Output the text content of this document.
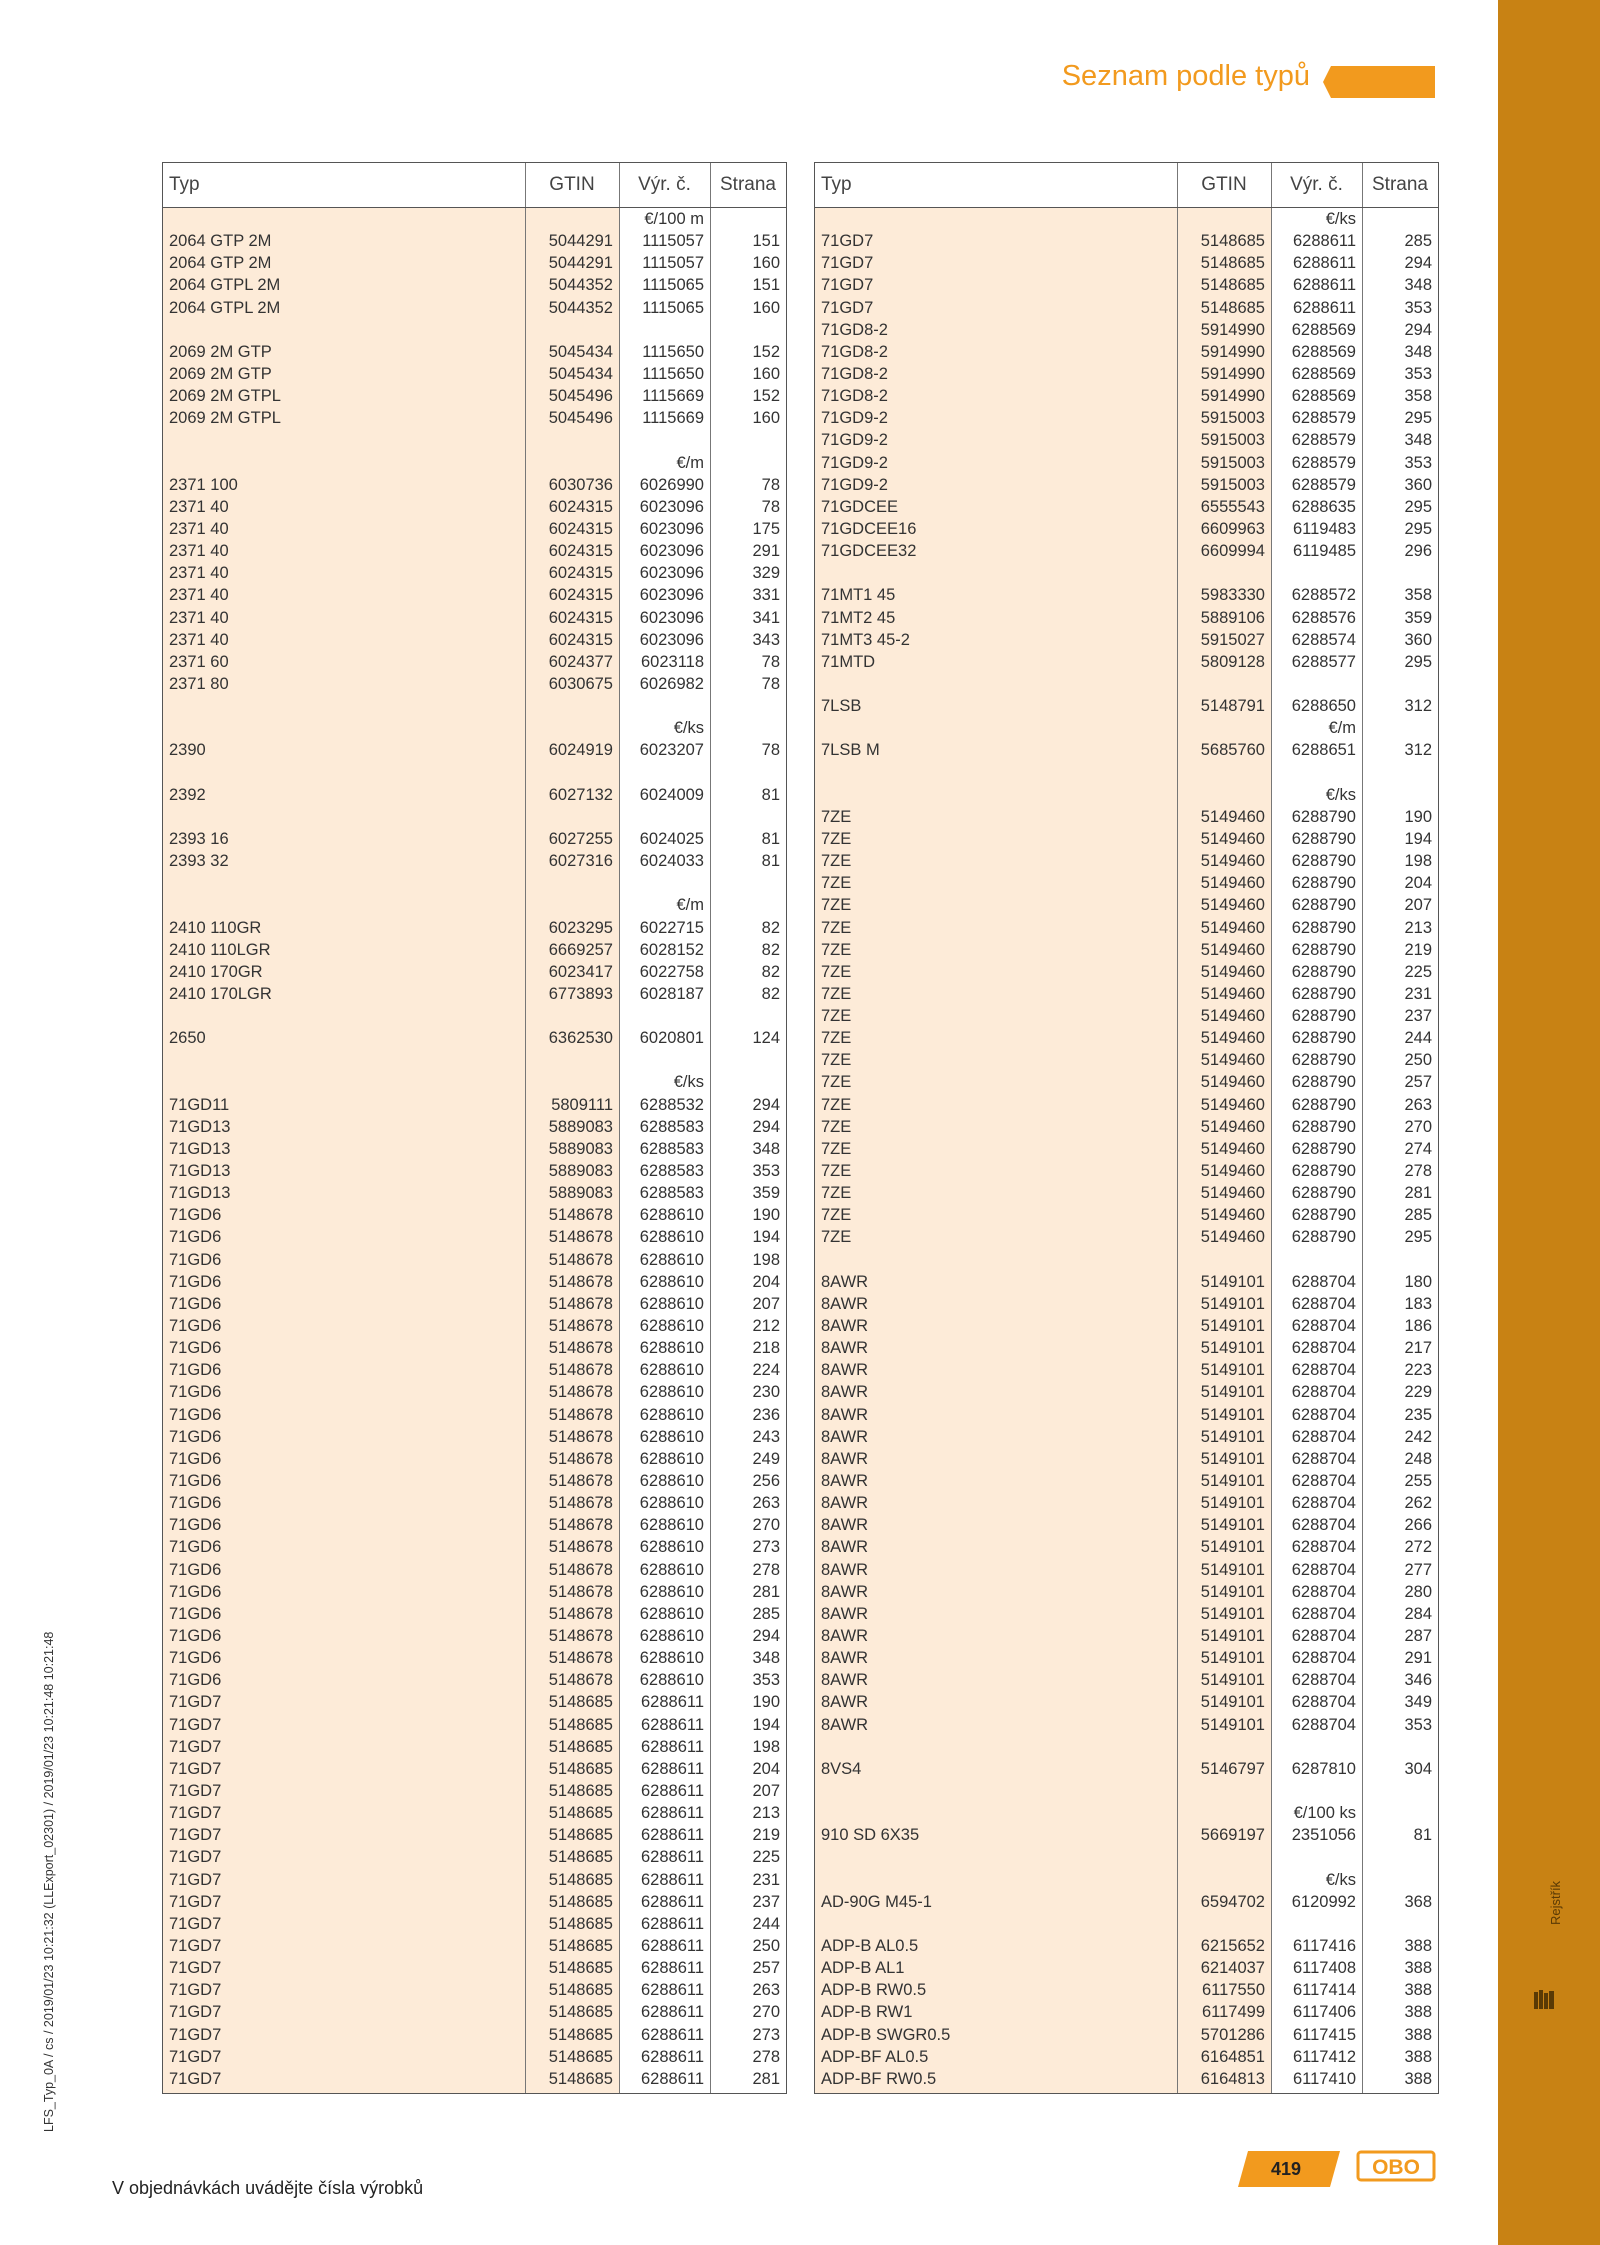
Rejstřík
Seznam podle typů
LFS_Typ_0A / cs / 2019/01/23 10:21:32 (LLExport_02301) / 2019/01/23 10:21:48 10:21:48
Typ	GTIN	Výr. č.	Strana
€/100 m
2064 GTP 2M	5044291	1115057	151
2064 GTP 2M	5044291	1115057	160
2064 GTPL 2M	5044352	1115065	151
2064 GTPL 2M	5044352	1115065	160
2069 2M GTP	5045434	1115650	152
2069 2M GTP	5045434	1115650	160
2069 2M GTPL	5045496	1115669	152
2069 2M GTPL	5045496	1115669	160
€/m
2371 100	6030736	6026990	78
2371 40	6024315	6023096	78
2371 40	6024315	6023096	175
2371 40	6024315	6023096	291
2371 40	6024315	6023096	329
2371 40	6024315	6023096	331
2371 40	6024315	6023096	341
2371 40	6024315	6023096	343
2371 60	6024377	6023118	78
2371 80	6030675	6026982	78
€/ks
2390	6024919	6023207	78
2392	6027132	6024009	81
2393 16	6027255	6024025	81
2393 32	6027316	6024033	81
€/m
2410 110GR	6023295	6022715	82
2410 110LGR	6669257	6028152	82
2410 170GR	6023417	6022758	82
2410 170LGR	6773893	6028187	82
2650	6362530	6020801	124
€/ks
71GD11	5809111	6288532	294
71GD13	5889083	6288583	294
71GD13	5889083	6288583	348
71GD13	5889083	6288583	353
71GD13	5889083	6288583	359
71GD6	5148678	6288610	190
71GD6	5148678	6288610	194
71GD6	5148678	6288610	198
71GD6	5148678	6288610	204
71GD6	5148678	6288610	207
71GD6	5148678	6288610	212
71GD6	5148678	6288610	218
71GD6	5148678	6288610	224
71GD6	5148678	6288610	230
71GD6	5148678	6288610	236
71GD6	5148678	6288610	243
71GD6	5148678	6288610	249
71GD6	5148678	6288610	256
71GD6	5148678	6288610	263
71GD6	5148678	6288610	270
71GD6	5148678	6288610	273
71GD6	5148678	6288610	278
71GD6	5148678	6288610	281
71GD6	5148678	6288610	285
71GD6	5148678	6288610	294
71GD6	5148678	6288610	348
71GD6	5148678	6288610	353
71GD7	5148685	6288611	190
71GD7	5148685	6288611	194
71GD7	5148685	6288611	198
71GD7	5148685	6288611	204
71GD7	5148685	6288611	207
71GD7	5148685	6288611	213
71GD7	5148685	6288611	219
71GD7	5148685	6288611	225
71GD7	5148685	6288611	231
71GD7	5148685	6288611	237
71GD7	5148685	6288611	244
71GD7	5148685	6288611	250
71GD7	5148685	6288611	257
71GD7	5148685	6288611	263
71GD7	5148685	6288611	270
71GD7	5148685	6288611	273
71GD7	5148685	6288611	278
71GD7	5148685	6288611	281
Typ	GTIN	Výr. č.	Strana
€/ks
71GD7	5148685	6288611	285
71GD7	5148685	6288611	294
71GD7	5148685	6288611	348
71GD7	5148685	6288611	353
71GD8-2	5914990	6288569	294
71GD8-2	5914990	6288569	348
71GD8-2	5914990	6288569	353
71GD8-2	5914990	6288569	358
71GD9-2	5915003	6288579	295
71GD9-2	5915003	6288579	348
71GD9-2	5915003	6288579	353
71GD9-2	5915003	6288579	360
71GDCEE	6555543	6288635	295
71GDCEE16	6609963	6119483	295
71GDCEE32	6609994	6119485	296
71MT1 45	5983330	6288572	358
71MT2 45	5889106	6288576	359
71MT3 45-2	5915027	6288574	360
71MTD	5809128	6288577	295
7LSB	5148791	6288650	312
€/m
7LSB M	5685760	6288651	312
€/ks
7ZE	5149460	6288790	190
7ZE	5149460	6288790	194
7ZE	5149460	6288790	198
7ZE	5149460	6288790	204
7ZE	5149460	6288790	207
7ZE	5149460	6288790	213
7ZE	5149460	6288790	219
7ZE	5149460	6288790	225
7ZE	5149460	6288790	231
7ZE	5149460	6288790	237
7ZE	5149460	6288790	244
7ZE	5149460	6288790	250
7ZE	5149460	6288790	257
7ZE	5149460	6288790	263
7ZE	5149460	6288790	270
7ZE	5149460	6288790	274
7ZE	5149460	6288790	278
7ZE	5149460	6288790	281
7ZE	5149460	6288790	285
7ZE	5149460	6288790	295
8AWR	5149101	6288704	180
8AWR	5149101	6288704	183
8AWR	5149101	6288704	186
8AWR	5149101	6288704	217
8AWR	5149101	6288704	223
8AWR	5149101	6288704	229
8AWR	5149101	6288704	235
8AWR	5149101	6288704	242
8AWR	5149101	6288704	248
8AWR	5149101	6288704	255
8AWR	5149101	6288704	262
8AWR	5149101	6288704	266
8AWR	5149101	6288704	272
8AWR	5149101	6288704	277
8AWR	5149101	6288704	280
8AWR	5149101	6288704	284
8AWR	5149101	6288704	287
8AWR	5149101	6288704	291
8AWR	5149101	6288704	346
8AWR	5149101	6288704	349
8AWR	5149101	6288704	353
8VS4	5146797	6287810	304
€/100 ks
910 SD 6X35	5669197	2351056	81
€/ks
AD-90G M45-1	6594702	6120992	368
ADP-B AL0.5	6215652	6117416	388
ADP-B AL1	6214037	6117408	388
ADP-B RW0.5	6117550	6117414	388
ADP-B RW1	6117499	6117406	388
ADP-B SWGR0.5	5701286	6117415	388
ADP-BF AL0.5	6164851	6117412	388
ADP-BF RW0.5	6164813	6117410	388
V objednávkách uvádějte čísla výrobků
419	OBO
